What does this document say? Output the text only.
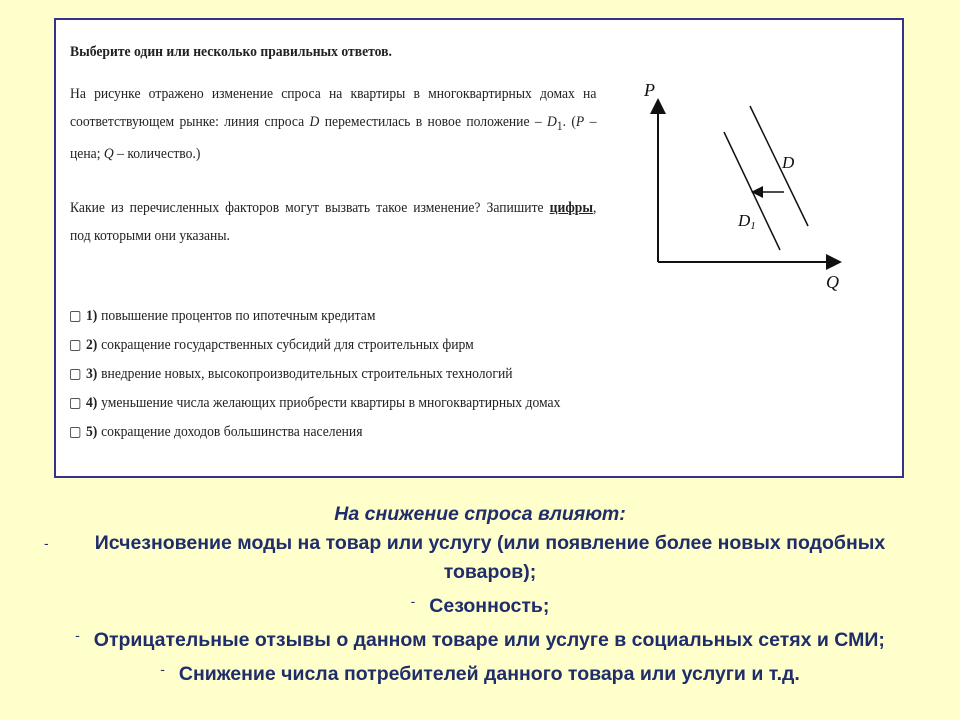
Выберите один или несколько правильных ответов.

На рисунке отражено изменение спроса на квартиры в многоквартирных домах на соответствующем рынке: линия спроса D переместилась в новое положение – $D_1$. (P – цена; Q – количество.)

Какие из перечисленных факторов могут вызвать такое изменение? Запишите цифры, под которыми они указаны.

1) повышение процентов по ипотечным кредитам
2) сокращение государственных субсидий для строительных фирм
3) внедрение новых, высокопроизводительных строительных технологий
4) уменьшение числа желающих приобрести квартиры в многоквартирных домах
5) сокращение доходов большинства населения
P
Q
D
D1
На снижение спроса влияют:
- Исчезновение моды на товар или услугу (или появление более новых подобных товаров);
- Сезонность;
- Отрицательные отзывы о данном товаре или услуге в социальных сетях и СМИ;
- Снижение числа потребителей данного товара или услуги и т.д.
